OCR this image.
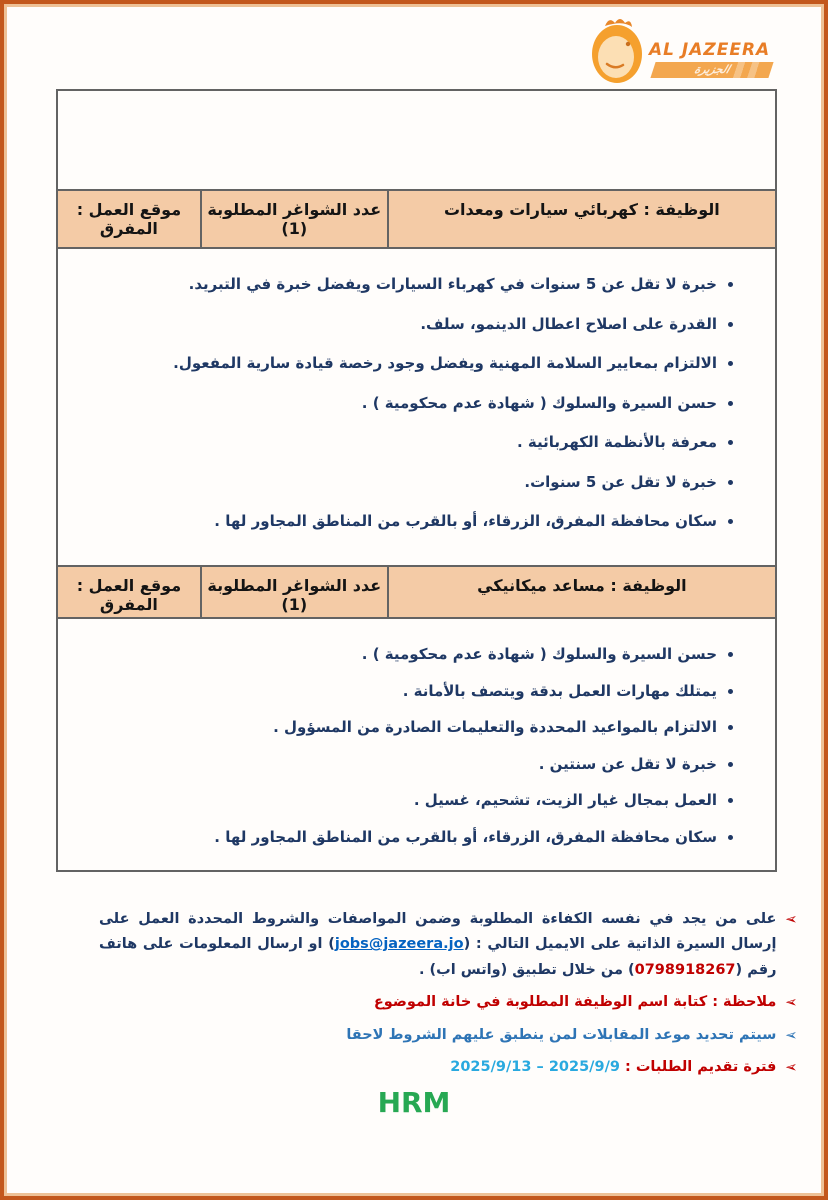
AL JAZEERA
الجزيرة

الوظيفة : كهربائي سيارات ومعدات	عدد الشواغر المطلوبة (1)	موقع العمل : المفرق

• خبرة لا تقل عن 5 سنوات في كهرباء السيارات ويفضل خبرة في التبريد.
• القدرة على اصلاح اعطال الدينمو، سلف.
• الالتزام بمعايير السلامة المهنية ويفضل وجود رخصة قيادة سارية المفعول.
• حسن السيرة والسلوك ( شهادة عدم محكومية ) .
• معرفة بالأنظمة الكهربائية .
• خبرة لا تقل عن 5 سنوات.
• سكان محافظة المفرق، الزرقاء، أو بالقرب من المناطق المجاور لها .

الوظيفة : مساعد ميكانيكي	عدد الشواغر المطلوبة (1)	موقع العمل : المفرق

• حسن السيرة والسلوك ( شهادة عدم محكومية ) .
• يمتلك مهارات العمل بدقة ويتصف بالأمانة .
• الالتزام بالمواعيد المحددة والتعليمات الصادرة من المسؤول .
• خبرة لا تقل عن سنتين .
• العمل بمجال غيار الزيت، تشحيم، غسيل .
• سكان محافظة المفرق، الزرقاء، أو بالقرب من المناطق المجاور لها .
➢
على من يجد في نفسه الكفاءة المطلوبة وضمن المواصفات والشروط المحددة العمل على إرسال السيرة الذاتية على الايميل التالي : (jobs@jazeera.jo) او ارسال المعلومات على هاتف رقم (0798918267) من خلال تطبيق (واتس اب) .
➢
ملاحظة : كتابة اسم الوظيفة المطلوبة في خانة الموضوع
➢
سيتم تحديد موعد المقابلات لمن ينطبق عليهم الشروط لاحقا
➢
فترة تقديم الطلبات : 2025/9/9 – 2025/9/13
HRM
